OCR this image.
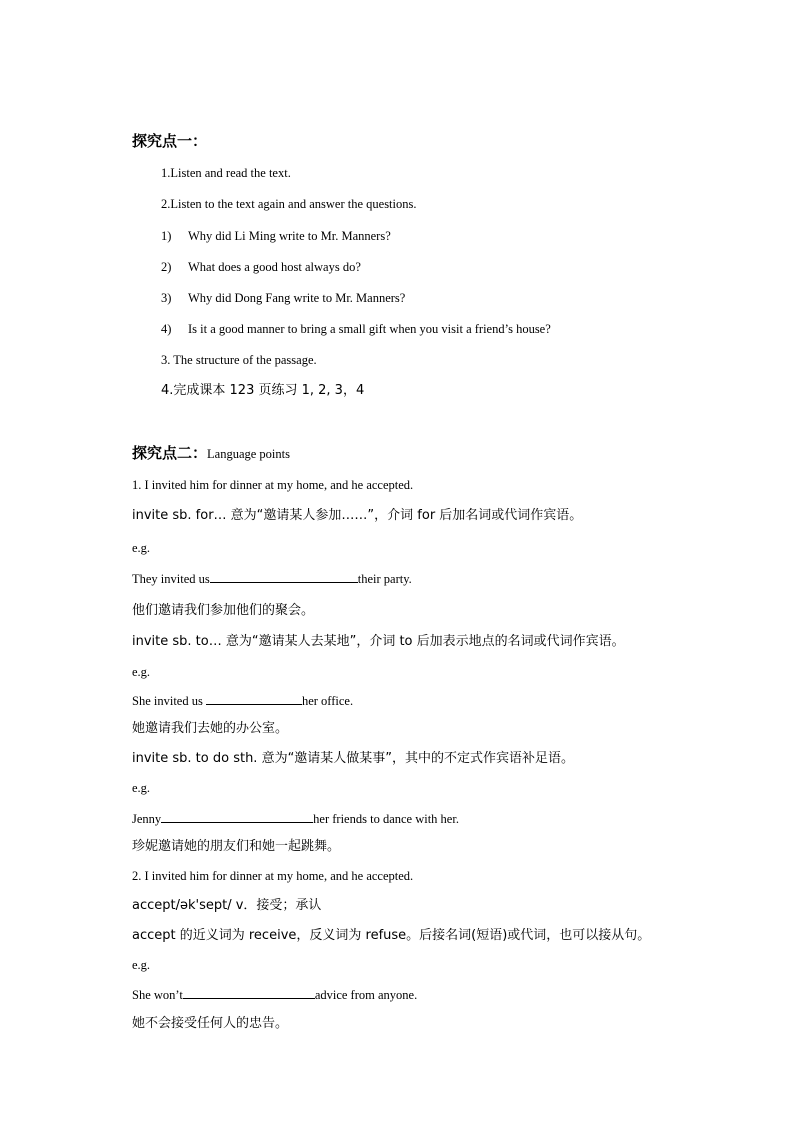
探究点一：
1.Listen and read the text.
2.Listen to the text again and answer the questions.
1) Why did Li Ming write to Mr. Manners?
2) What does a good host always do?
3) Why did Dong Fang write to Mr. Manners?
4) Is it a good manner to bring a small gift when you visit a friend’s house?
3. The structure of the passage.
4.完成课本 123 页练习 1, 2, 3，4
探究点二：Language points
1. I invited him for dinner at my home, and he accepted.
invite sb. for… 意为“邀请某人参加……”，介词 for 后加名词或代词作宾语。
e.g.
They invited us	their party.
他们邀请我们参加他们的聚会。
invite sb. to… 意为“邀请某人去某地”，介词 to 后加表示地点的名词或代词作宾语。
e.g.
She invited us	her office.
她邀请我们去她的办公室。
invite sb. to do sth. 意为“邀请某人做某事”，其中的不定式作宾语补足语。
e.g.
Jenny	her friends to dance with her.
珍妮邀请她的朋友们和她一起跳舞。
2. I invited him for dinner at my home, and he accepted.
accept/ək'sept/ v．接受；承认
accept 的近义词为 receive，反义词为 refuse。后接名词(短语)或代词，也可以接从句。
e.g.
She won’t	advice from anyone.
她不会接受任何人的忠告。
